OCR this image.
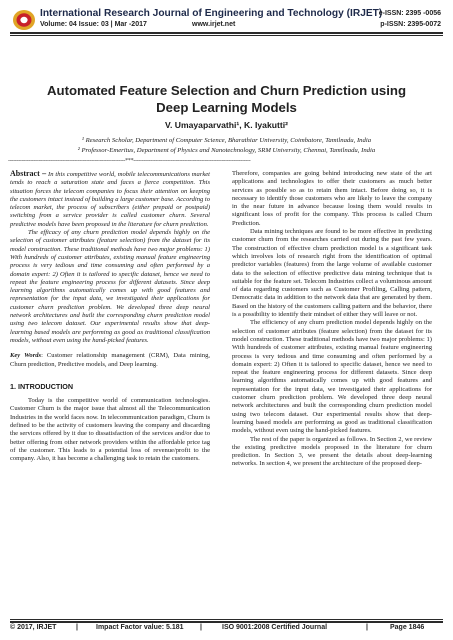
International Research Journal of Engineering and Technology (IRJET)
Volume: 04 Issue: 03 | Mar -2017	www.irjet.net
e-ISSN: 2395 -0056
p-ISSN: 2395-0072
Automated Feature Selection and Churn Prediction using Deep Learning Models
V. Umayaparvathi¹, K. Iyakutti²
¹ Research Scholar, Department of Computer Science, Bharathiar University, Coimbatore, Tamilnadu, India
² Professor-Emeritus, Department of Physics and Nanotechnology, SRM University, Chennai, Tamilnadu, India
---------------------------------------------------------------------***---------------------------------------------------------------------

Abstract – In this competitive world, mobile telecommunications market tends to reach a saturation state and faces a fierce competition. This situation forces the telecom companies to focus their attention on keeping the customers intact instead of building a large customer base. According to telecom market, the process of subscribers (either prepaid or postpaid) switching from a service provider is called customer churn. Several predictive models have been proposed in the literature for churn prediction.

The efficacy of any churn prediction model depends highly on the selection of customer attributes (feature selection) from the dataset for its model construction. These traditional methods have two major problems: 1) With hundreds of customer attributes, existing manual feature engineering process is very tedious and time consuming and often performed by a domain expert: 2) Often it is tailored to specific dataset, hence we need to repeat the feature engineering process for different datasets. Since deep learning algorithms automatically comes up with good features and representation for the input data, we investigated their applications for customer churn prediction problem. We developed three deep neural network architectures and built the corresponding churn prediction model using two telecom dataset. Our experimental results show that deep-learning based models are performing as good as traditional classification models, without even using the hand-picked features.

Key Words: Customer relationship management (CRM), Data mining, Churn prediction, Predictive models, and Deep learning.

1. INTRODUCTION

Today is the competitive world of communication technologies. Customer Churn is the major issue that almost all the Telecommunication Industries in the world faces now. In telecommunication paradigm, Churn is defined to be the activity of customers leaving the company and discarding the services offered by it due to dissatisfaction of the services and/or due to better offering from other network providers within the affordable price tag of the customer. This leads to a potential loss of revenue/profit to the company. Also, it has become a challenging task to retain the customers.

Therefore, companies are going behind introducing new state of the art applications and technologies to offer their customers as much better services as possible so as to retain them intact. Before doing so, it is necessary to identify those customers who are likely to leave the company in the near future in advance because losing them would results in significant loss of profit for the company. This process is called Churn Prediction.

Data mining techniques are found to be more effective in predicting customer churn from the researches carried out during the past few years. The construction of effective churn prediction model is a significant task which involves lots of research right from the identification of optimal predictor variables (features) from the large volume of available customer data to the selection of effective predictive data mining technique that is suitable for the feature set. Telecom Industries collect a voluminous amount of data regarding customers such as Customer Profiling, Calling pattern, Democratic data in addition to the network data that are generated by them. Based on the history of the customers calling pattern and the behavior, there is a possibility to identify their mindset of either they will leave or not.

The efficiency of any churn prediction model depends highly on the selection of customer attributes (feature selection) from the dataset for its model construction. These traditional methods have two major problems: 1) With hundreds of customer attributes, existing manual feature engineering process is very tedious and time consuming and often performed by a domain expert: 2) Often it is tailored to specific dataset, hence we need to repeat the feature engineering process for different datasets. Since deep learning algorithms automatically comes up with good features and representation for the input data, we investigated their applications for customer churn prediction problem. We developed three deep neural network architectures and built the corresponding churn prediction model using two telecom dataset. Our experimental results show that deep-learning based models are performing as good as traditional classification models, without even using the hand-picked features.

The rest of the paper is organized as follows. In Section 2, we review the existing predictive models proposed in the literature for churn prediction. In Section 3, we present the details about deep-learning networks. In section 4, we present the architecture of the proposed deep-

© 2017, IRJET	|	Impact Factor value: 5.181 |	ISO 9001:2008 Certified Journal	|	Page 1846
